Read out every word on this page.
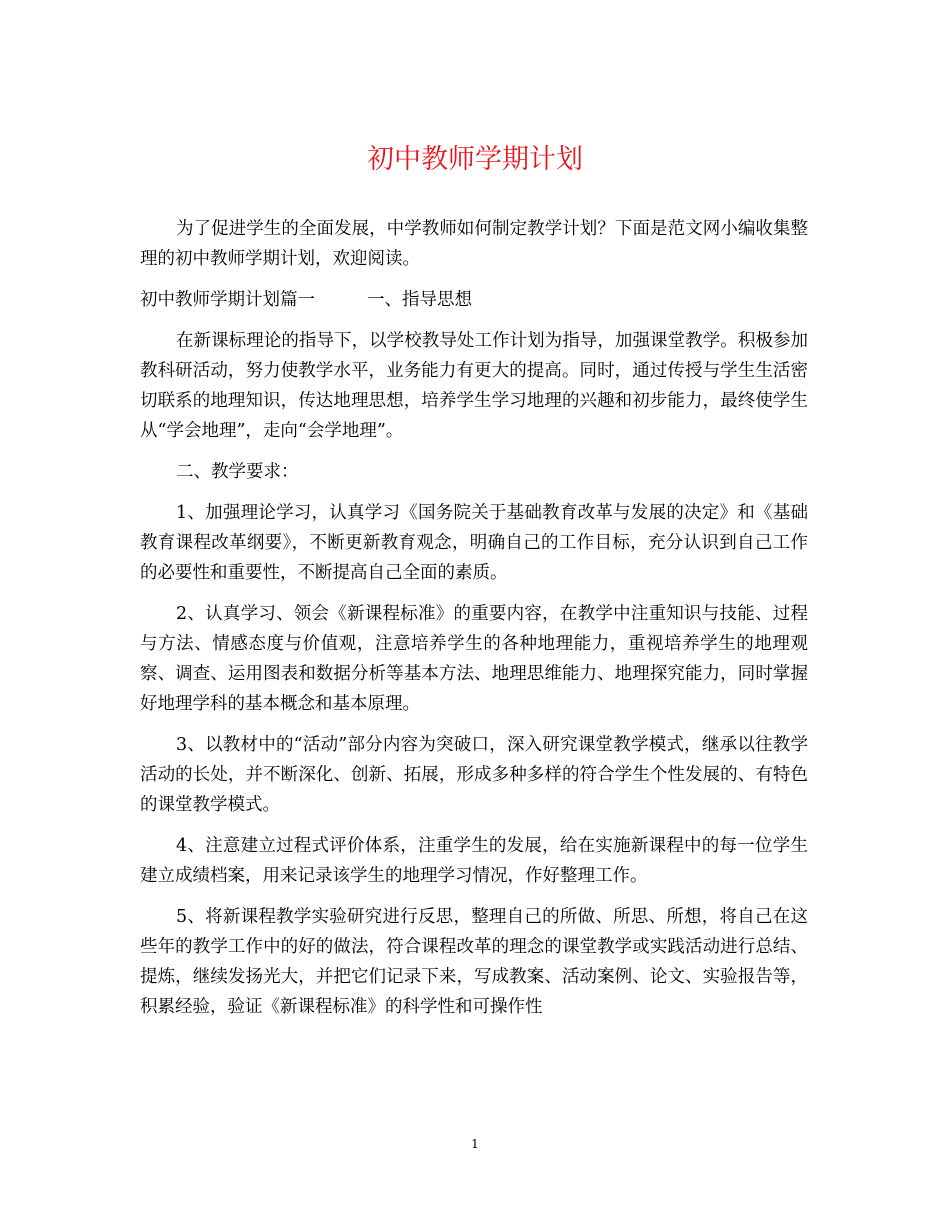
初中教师学期计划

为了促进学生的全面发展，中学教师如何制定教学计划？下面是范文网小编收集整理的初中教师学期计划，欢迎阅读。

初中教师学期计划篇一	一、指导思想

在新课标理论的指导下，以学校教导处工作计划为指导，加强课堂教学。积极参加教科研活动，努力使教学水平，业务能力有更大的提高。同时，通过传授与学生生活密切联系的地理知识，传达地理思想，培养学生学习地理的兴趣和初步能力，最终使学生从“学会地理”，走向“会学地理”。

二、教学要求：

1、加强理论学习，认真学习《国务院关于基础教育改革与发展的决定》和《基础教育课程改革纲要》，不断更新教育观念，明确自己的工作目标，充分认识到自己工作的必要性和重要性，不断提高自己全面的素质。

2、认真学习、领会《新课程标准》的重要内容，在教学中注重知识与技能、过程与方法、情感态度与价值观，注意培养学生的各种地理能力，重视培养学生的地理观察、调查、运用图表和数据分析等基本方法、地理思维能力、地理探究能力，同时掌握好地理学科的基本概念和基本原理。

3、以教材中的“活动”部分内容为突破口，深入研究课堂教学模式，继承以往教学活动的长处，并不断深化、创新、拓展，形成多种多样的符合学生个性发展的、有特色的课堂教学模式。

4、注意建立过程式评价体系，注重学生的发展，给在实施新课程中的每一位学生建立成绩档案，用来记录该学生的地理学习情况，作好整理工作。

5、将新课程教学实验研究进行反思，整理自己的所做、所思、所想，将自己在这些年的教学工作中的好的做法，符合课程改革的理念的课堂教学或实践活动进行总结、提炼，继续发扬光大，并把它们记录下来，写成教案、活动案例、论文、实验报告等，积累经验，验证《新课程标准》的科学性和可操作性

1
